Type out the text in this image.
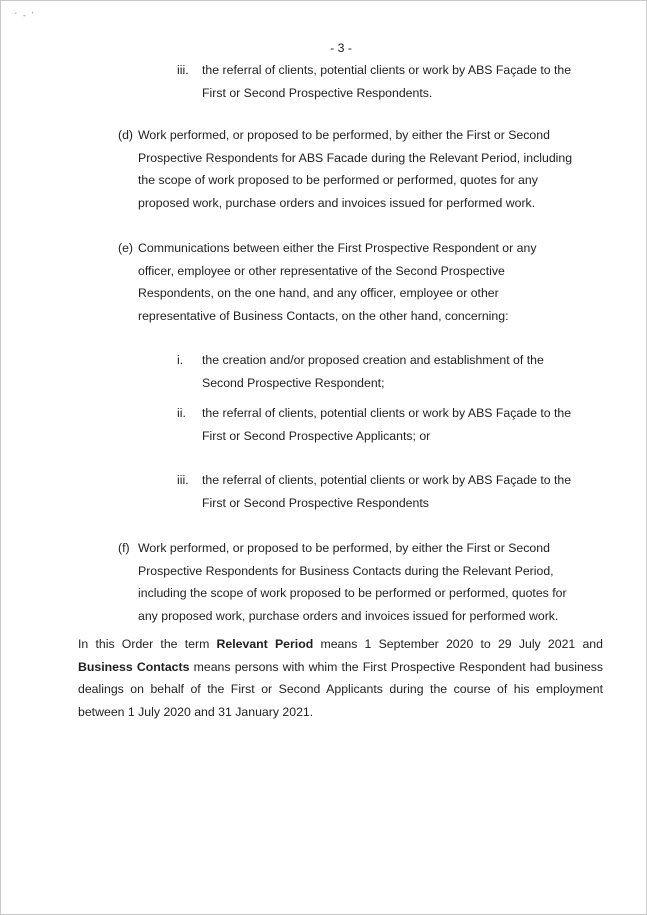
ʻ - ʼ
- 3 -
iii. the referral of clients, potential clients or work by ABS Façade to the
First or Second Prospective Respondents.
(d) Work performed, or proposed to be performed, by either the First or Second
Prospective Respondents for ABS Facade during the Relevant Period, including
the scope of work proposed to be performed or performed, quotes for any
proposed work, purchase orders and invoices issued for performed work.
(e) Communications between either the First Prospective Respondent or any
officer, employee or other representative of the Second Prospective
Respondents, on the one hand, and any officer, employee or other
representative of Business Contacts, on the other hand, concerning:
i. the creation and/or proposed creation and establishment of the
Second Prospective Respondent;
ii. the referral of clients, potential clients or work by ABS Façade to the
First or Second Prospective Applicants; or
iii. the referral of clients, potential clients or work by ABS Façade to the
First or Second Prospective Respondents
(f) Work performed, or proposed to be performed, by either the First or Second
Prospective Respondents for Business Contacts during the Relevant Period,
including the scope of work proposed to be performed or performed, quotes for
any proposed work, purchase orders and invoices issued for performed work.
In this Order the term Relevant Period means 1 September 2020 to 29 July 2021 and Business Contacts means persons with whim the First Prospective Respondent had business dealings on behalf of the First or Second Applicants during the course of his employment between 1 July 2020 and 31 January 2021.
